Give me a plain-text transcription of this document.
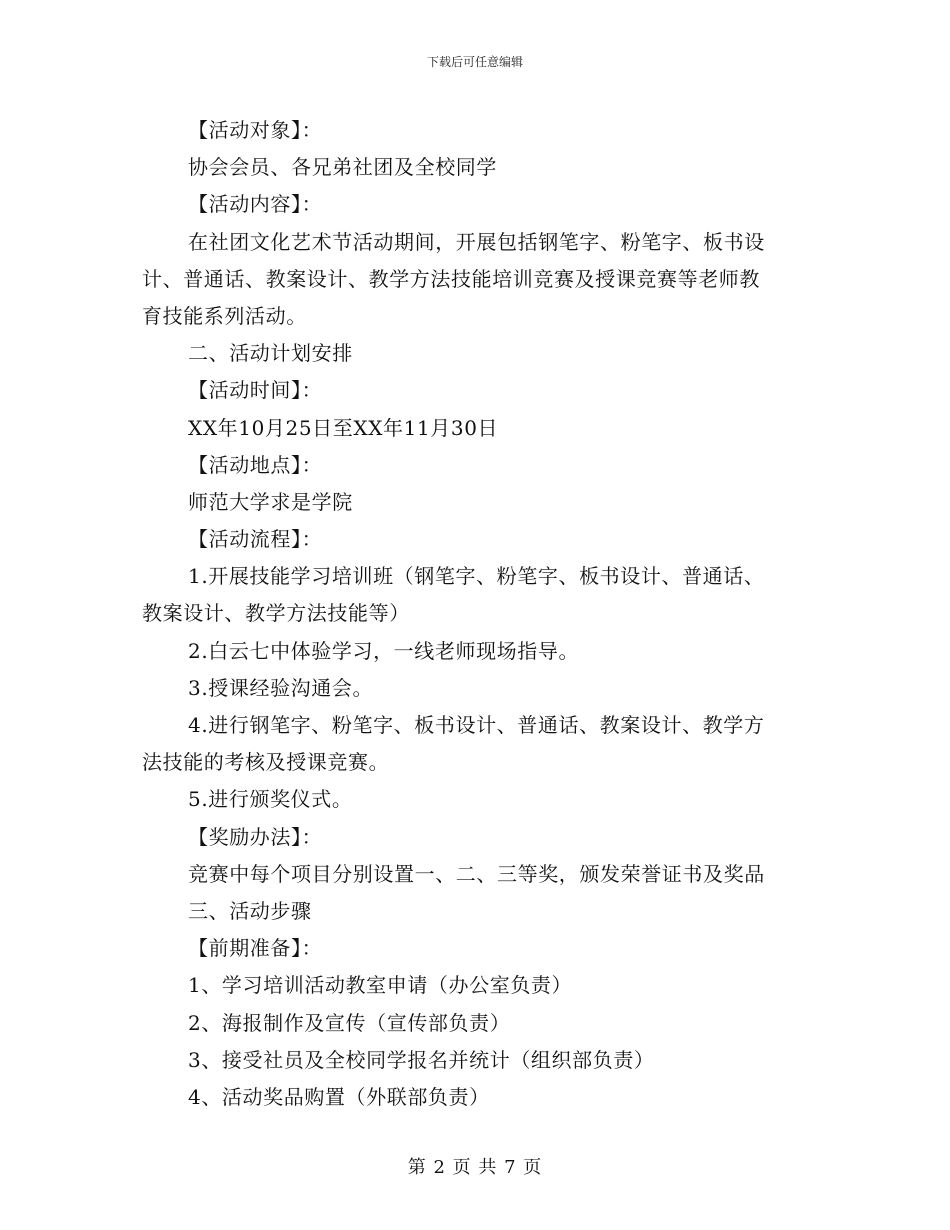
下载后可任意编辑
【活动对象】：
协会会员、各兄弟社团及全校同学
【活动内容】：
在社团文化艺术节活动期间，开展包括钢笔字、粉笔字、板书设
计、普通话、教案设计、教学方法技能培训竞赛及授课竞赛等老师教
育技能系列活动。
二、活动计划安排
【活动时间】：
XX年10月25日至XX年11月30日
【活动地点】：
师范大学求是学院
【活动流程】：
1.开展技能学习培训班（钢笔字、粉笔字、板书设计、普通话、
教案设计、教学方法技能等）
2.白云七中体验学习，一线老师现场指导。
3.授课经验沟通会。
4.进行钢笔字、粉笔字、板书设计、普通话、教案设计、教学方
法技能的考核及授课竞赛。
5.进行颁奖仪式。
【奖励办法】：
竞赛中每个项目分别设置一、二、三等奖，颁发荣誉证书及奖品
三、活动步骤
【前期准备】：
1、学习培训活动教室申请（办公室负责）
2、海报制作及宣传（宣传部负责）
3、接受社员及全校同学报名并统计（组织部负责）
4、活动奖品购置（外联部负责）
第 2 页 共 7 页
